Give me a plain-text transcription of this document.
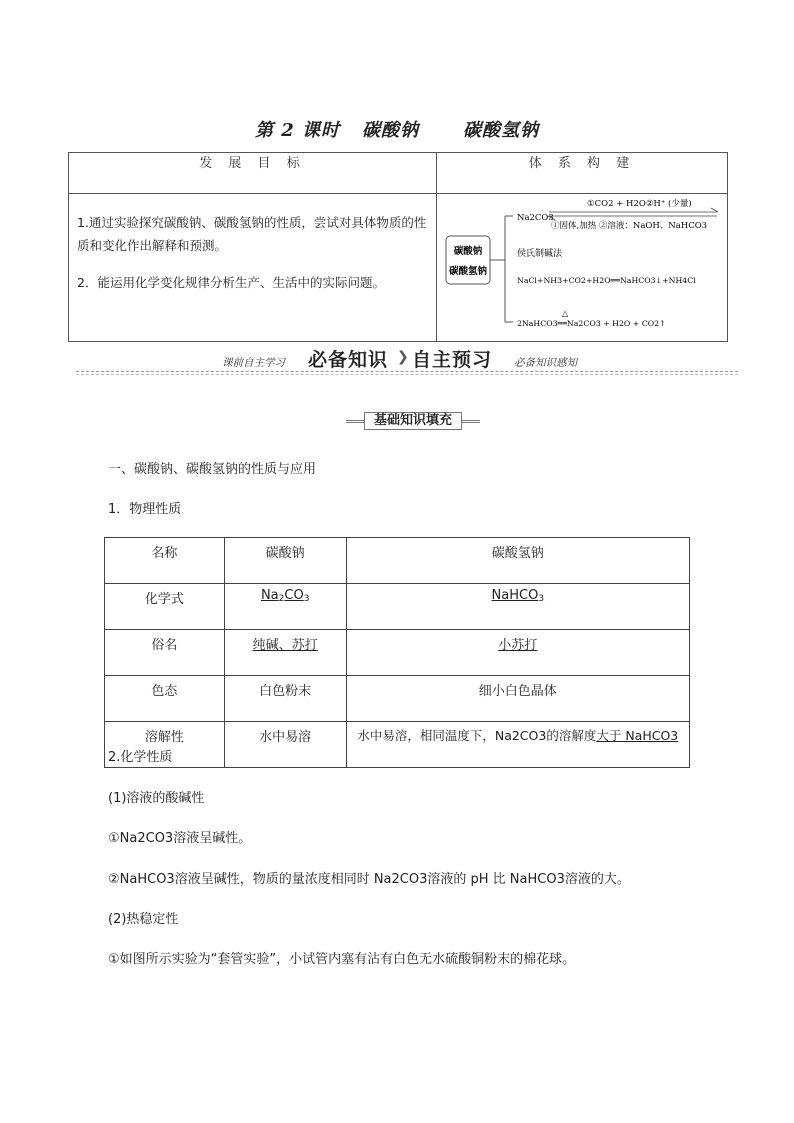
第 2 课时 碳酸钠 碳酸氢钠
发 展 目 标	体 系 构 建

1.通过实验探究碳酸钠、碳酸氢钠的性质，尝试对具体物质的性质和变化作出解释和预测。

2．能运用化学变化规律分析生产、生活中的实际问题。

碳酸钠
碳酸氢钠
Na2CO3
①CO2 + H2O②H⁺ (少量)
①固体,加热 ②溶液：NaOH、NaHCO3
侯氏制碱法
NaCl+NH3+CO2+H2O══NaHCO3↓+NH4Cl
2NaHCO3══Na2CO3 + H2O + CO2↑
△
课前自主学习 必备知识 ❯ 自主预习 必备知识感知
基础知识填充
一、碳酸钠、碳酸氢钠的性质与应用
1．物理性质
名称	碳酸钠	碳酸氢钠
化学式	$Na_2CO_3$	NaHCO$_3$
俗名	纯碱、苏打	小苏打
色态	白色粉末	细小白色晶体
溶解性	水中易溶	水中易溶，相同温度下，Na2CO3的溶解度大于 NaHCO3
2.化学性质
(1)溶液的酸碱性
①Na2CO3溶液呈碱性。
②NaHCO3溶液呈碱性，物质的量浓度相同时 Na2CO3溶液的 pH 比 NaHCO3溶液的大。
(2)热稳定性
①如图所示实验为“套管实验”，小试管内塞有沾有白色无水硫酸铜粉末的棉花球。
